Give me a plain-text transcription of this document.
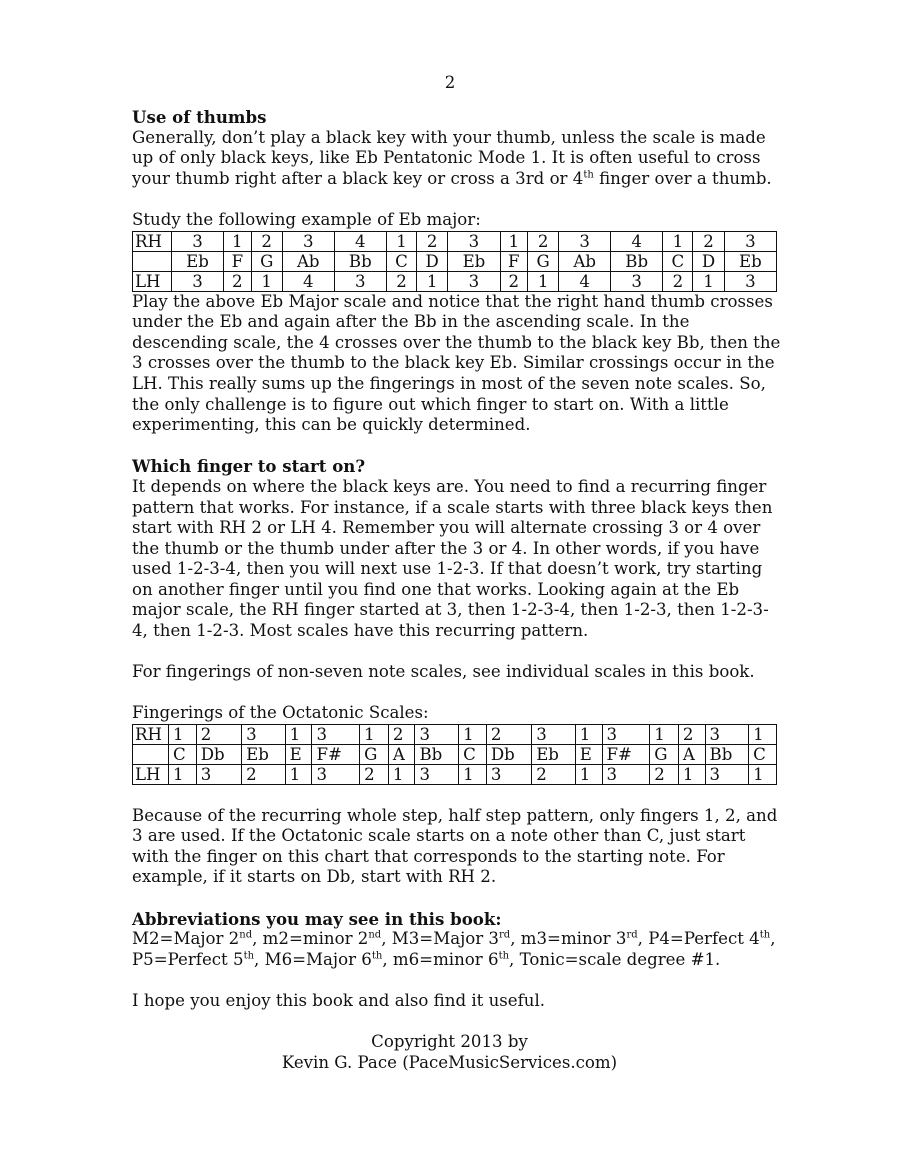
2
Use of thumbs

Generally, don’t play a black key with your thumb, unless the scale is made up of only black keys, like Eb Pentatonic Mode 1. It is often useful to cross your thumb right after a black key or cross a 3rd or 4th finger over a thumb.

Study the following example of Eb major:

RH	3	1	2	3	4	1	2	3	1	2	3	4	1	2	3
	Eb	F	G	Ab	Bb	C	D	Eb	F	G	Ab	Bb	C	D	Eb
LH	3	2	1	4	3	2	1	3	2	1	4	3	2	1	3

Play the above Eb Major scale and notice that the right hand thumb crosses under the Eb and again after the Bb in the ascending scale. In the descending scale, the 4 crosses over the thumb to the black key Bb, then the 3 crosses over the thumb to the black key Eb. Similar crossings occur in the LH. This really sums up the fingerings in most of the seven note scales. So, the only challenge is to figure out which finger to start on. With a little experimenting, this can be quickly determined.

Which finger to start on?

It depends on where the black keys are. You need to find a recurring finger pattern that works. For instance, if a scale starts with three black keys then start with RH 2 or LH 4. Remember you will alternate crossing 3 or 4 over the thumb or the thumb under after the 3 or 4. In other words, if you have used 1-2-3-4, then you will next use 1-2-3. If that doesn’t work, try starting on another finger until you find one that works. Looking again at the Eb major scale, the RH finger started at 3, then 1-2-3-4, then 1-2-3, then 1-2-3-4, then 1-2-3. Most scales have this recurring pattern.

For fingerings of non-seven note scales, see individual scales in this book.

Fingerings of the Octatonic Scales:

RH	1	2	3	1	3	1	2	3	1	2	3	1	3	1	2	3	1
	C	Db	Eb	E	F#	G	A	Bb	C	Db	Eb	E	F#	G	A	Bb	C
LH	1	3	2	1	3	2	1	3	1	3	2	1	3	2	1	3	1

Because of the recurring whole step, half step pattern, only fingers 1, 2, and 3 are used. If the Octatonic scale starts on a note other than C, just start with the finger on this chart that corresponds to the starting note. For example, if it starts on Db, start with RH 2.

Abbreviations you may see in this book:

M2=Major 2nd, m2=minor 2nd, M3=Major 3rd, m3=minor 3rd, P4=Perfect 4th, P5=Perfect 5th, M6=Major 6th, m6=minor 6th, Tonic=scale degree #1.

I hope you enjoy this book and also find it useful.

Copyright 2013 by
Kevin G. Pace (PaceMusicServices.com)
